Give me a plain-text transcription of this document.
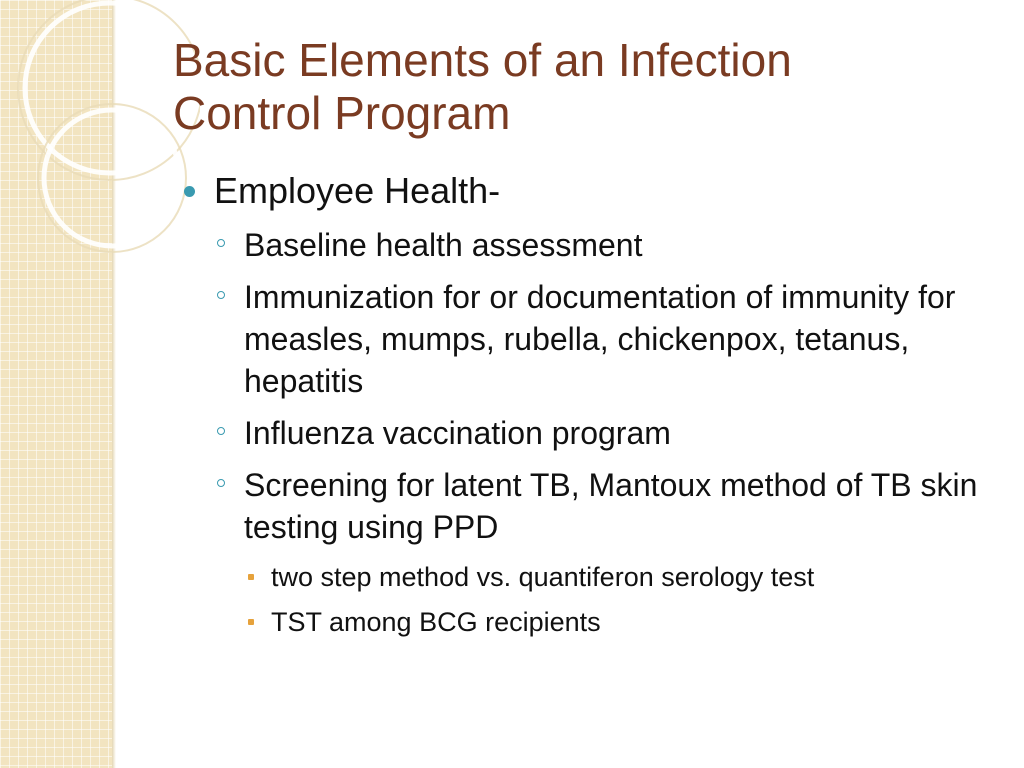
Basic Elements of an Infection
Control Program
Employee Health-
Baseline health assessment
Immunization for or documentation of immunity for measles, mumps, rubella, chickenpox, tetanus, hepatitis
Influenza vaccination program
Screening for latent TB, Mantoux method of TB skin testing using PPD
two step method vs. quantiferon serology test
TST among BCG recipients
